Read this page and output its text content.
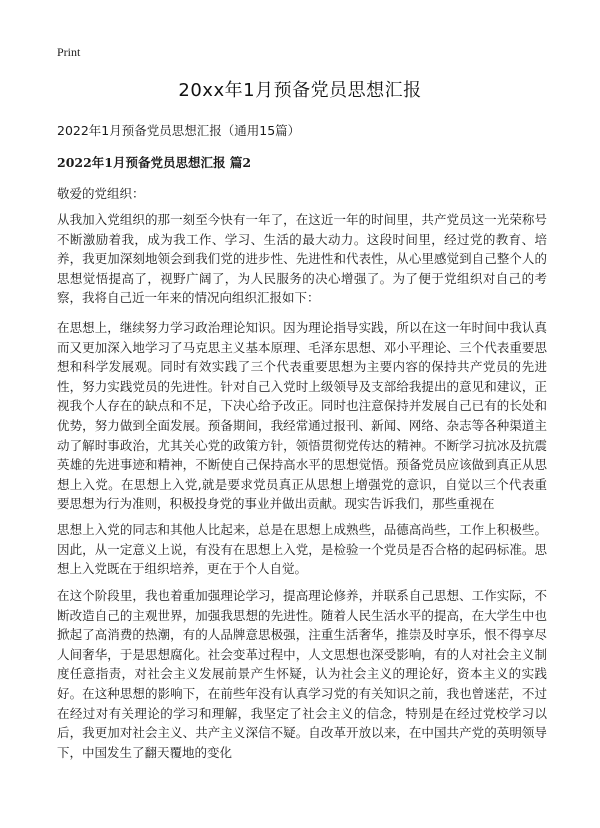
Print
20xx年1月预备党员思想汇报

2022年1月预备党员思想汇报（通用15篇）

2022年1月预备党员思想汇报 篇2

敬爱的党组织：

从我加入党组织的那一刻至今快有一年了，在这近一年的时间里，共产党员这一光荣称号不断激励着我，成为我工作、学习、生活的最大动力。这段时间里，经过党的教育、培养，我更加深刻地领会到我们党的进步性、先进性和代表性，从心里感觉到自己整个人的思想觉悟提高了，视野广阔了，为人民服务的决心增强了。为了便于党组织对自己的考察，我将自己近一年来的情况向组织汇报如下：

在思想上，继续努力学习政治理论知识。因为理论指导实践，所以在这一年时间中我认真而又更加深入地学习了马克思主义基本原理、毛泽东思想、邓小平理论、三个代表重要思想和科学发展观。同时有效实践了三个代表重要思想为主要内容的保持共产党员的先进性，努力实践党员的先进性。针对自己入党时上级领导及支部给我提出的意见和建议，正视我个人存在的缺点和不足，下决心给予改正。同时也注意保持并发展自己已有的长处和优势，努力做到全面发展。预备期间，我经常通过报刊、新闻、网络、杂志等各种渠道主动了解时事政治，尤其关心党的政策方针，领悟贯彻党传达的精神。不断学习抗冰及抗震英雄的先进事迹和精神，不断使自己保持高水平的思想觉悟。预备党员应该做到真正从思想上入党。在思想上入党,就是要求党员真正从思想上增强党的意识，自觉以三个代表重要思想为行为准则，积极投身党的事业并做出贡献。现实告诉我们，那些重视在

思想上入党的同志和其他人比起来，总是在思想上成熟些，品德高尚些，工作上积极些。因此，从一定意义上说，有没有在思想上入党，是检验一个党员是否合格的起码标准。思想上入党既在于组织培养，更在于个人自觉。

在这个阶段里，我也着重加强理论学习，提高理论修养，并联系自己思想、工作实际，不断改造自己的主观世界，加强我思想的先进性。随着人民生活水平的提高，在大学生中也掀起了高消费的热潮，有的人品牌意思极强，注重生活奢华，推崇及时享乐，恨不得享尽人间奢华，于是思想腐化。社会变革过程中，人文思想也深受影响，有的人对社会主义制度任意指责，对社会主义发展前景产生怀疑，认为社会主义的理论好，资本主义的实践好。在这种思想的影响下，在前些年没有认真学习党的有关知识之前，我也曾迷茫，不过在经过对有关理论的学习和理解，我坚定了社会主义的信念，特别是在经过党校学习以后，我更加对社会主义、共产主义深信不疑。自改革开放以来，在中国共产党的英明领导下，中国发生了翻天覆地的变化
